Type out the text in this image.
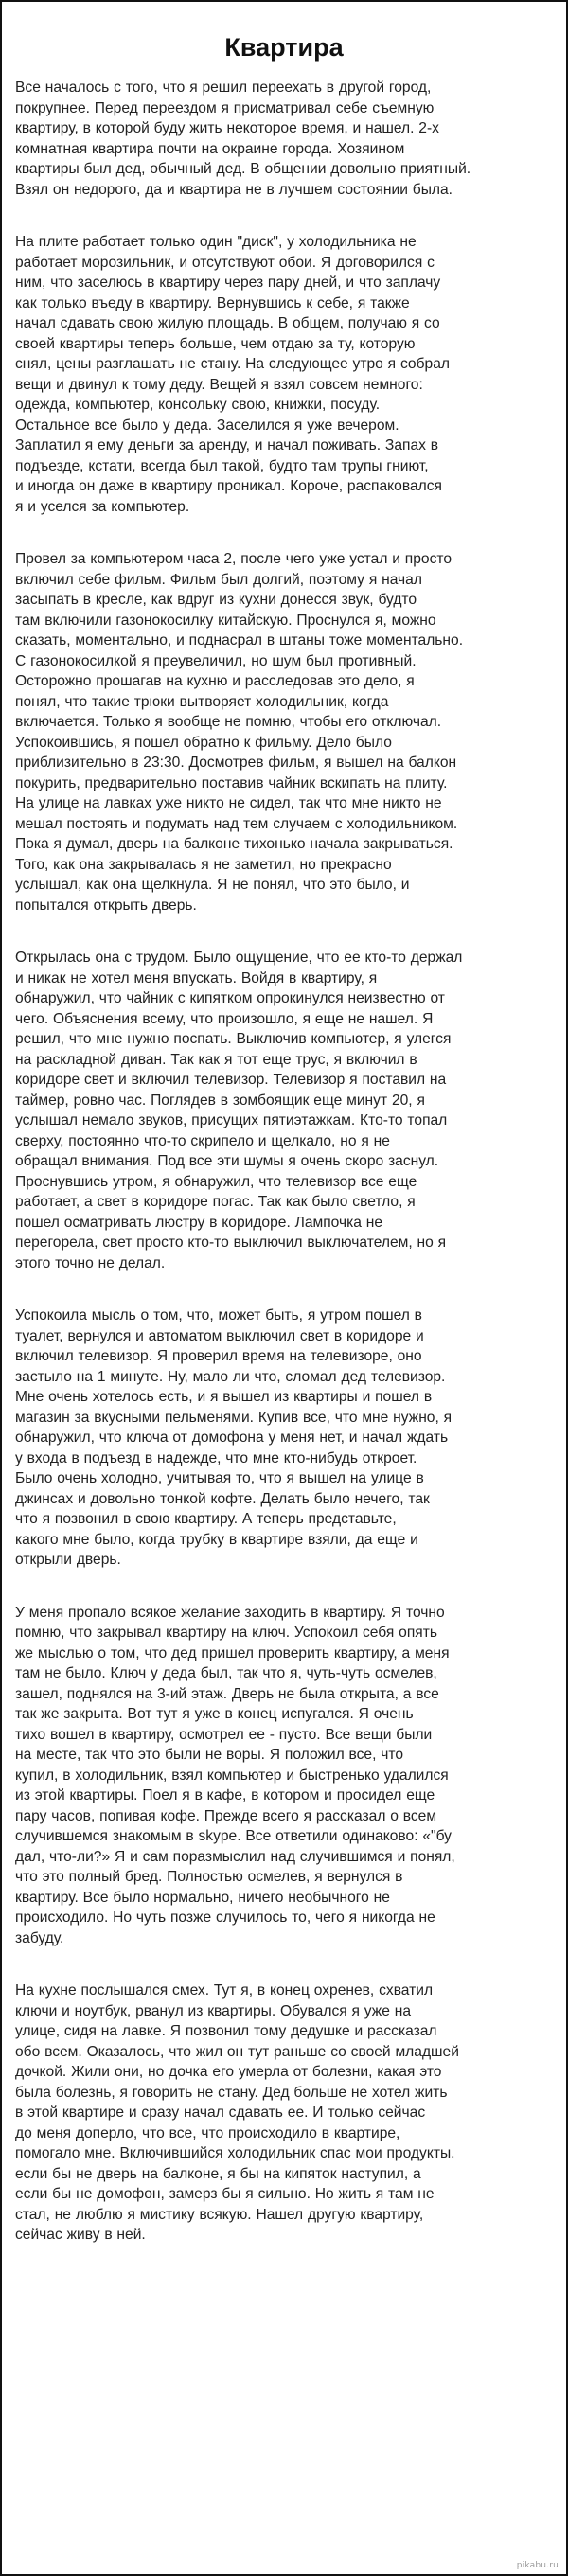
Квартира

Все началось с того, что я решил переехать в другой город,
покрупнее. Перед переездом я присматривал себе съемную
квартиру, в которой буду жить некоторое время, и нашел. 2-х
комнатная квартира почти на окраине города. Хозяином
квартиры был дед, обычный дед. В общении довольно приятный.
Взял он недорого, да и квартира не в лучшем состоянии была.

На плите работает только один "диск", у холодильника не
работает морозильник, и отсутствуют обои. Я договорился с
ним, что заселюсь в квартиру через пару дней, и что заплачу
как только въеду в квартиру. Вернувшись к себе, я также
начал сдавать свою жилую площадь. В общем, получаю я со
своей квартиры теперь больше, чем отдаю за ту, которую
снял, цены разглашать не стану. На следующее утро я собрал
вещи и двинул к тому деду. Вещей я взял совсем немного:
одежда, компьютер, консольку свою, книжки, посуду.
Остальное все было у деда. Заселился я уже вечером.
Заплатил я ему деньги за аренду, и начал поживать. Запах в
подъезде, кстати, всегда был такой, будто там трупы гниют,
и иногда он даже в квартиру проникал. Короче, распаковался
я и уселся за компьютер.

Провел за компьютером часа 2, после чего уже устал и просто
включил себе фильм. Фильм был долгий, поэтому я начал
засыпать в кресле, как вдруг из кухни донесся звук, будто
там включили газонокосилку китайскую. Проснулся я, можно
сказать, моментально, и поднасрал в штаны тоже моментально.
С газонокосилкой я преувеличил, но шум был противный.
Осторожно прошагав на кухню и расследовав это дело, я
понял, что такие трюки вытворяет холодильник, когда
включается. Только я вообще не помню, чтобы его отключал.
Успокоившись, я пошел обратно к фильму. Дело было
приблизительно в 23:30. Досмотрев фильм, я вышел на балкон
покурить, предварительно поставив чайник вскипать на плиту.
На улице на лавках уже никто не сидел, так что мне никто не
мешал постоять и подумать над тем случаем с холодильником.
Пока я думал, дверь на балконе тихонько начала закрываться.
Того, как она закрывалась я не заметил, но прекрасно
услышал, как она щелкнула. Я не понял, что это было, и
попытался открыть дверь.

Открылась она с трудом. Было ощущение, что ее кто-то держал
и никак не хотел меня впускать. Войдя в квартиру, я
обнаружил, что чайник с кипятком опрокинулся неизвестно от
чего. Объяснения всему, что произошло, я еще не нашел. Я
решил, что мне нужно поспать. Выключив компьютер, я улегся
на раскладной диван. Так как я тот еще трус, я включил в
коридоре свет и включил телевизор. Телевизор я поставил на
таймер, ровно час. Поглядев в зомбоящик еще минут 20, я
услышал немало звуков, присущих пятиэтажкам. Кто-то топал
сверху, постоянно что-то скрипело и щелкало, но я не
обращал внимания. Под все эти шумы я очень скоро заснул.
Проснувшись утром, я обнаружил, что телевизор все еще
работает, а свет в коридоре погас. Так как было светло, я
пошел осматривать люстру в коридоре. Лампочка не
перегорела, свет просто кто-то выключил выключателем, но я
этого точно не делал.

Успокоила мысль о том, что, может быть, я утром пошел в
туалет, вернулся и автоматом выключил свет в коридоре и
включил телевизор. Я проверил время на телевизоре, оно
застыло на 1 минуте. Ну, мало ли что, сломал дед телевизор.
Мне очень хотелось есть, и я вышел из квартиры и пошел в
магазин за вкусными пельменями. Купив все, что мне нужно, я
обнаружил, что ключа от домофона у меня нет, и начал ждать
у входа в подъезд в надежде, что мне кто-нибудь откроет.
Было очень холодно, учитывая то, что я вышел на улице в
джинсах и довольно тонкой кофте. Делать было нечего, так
что я позвонил в свою квартиру. А теперь представьте,
какого мне было, когда трубку в квартире взяли, да еще и
открыли дверь.

У меня пропало всякое желание заходить в квартиру. Я точно
помню, что закрывал квартиру на ключ. Успокоил себя опять
же мыслью о том, что дед пришел проверить квартиру, а меня
там не было. Ключ у деда был, так что я, чуть-чуть осмелев,
зашел, поднялся на 3-ий этаж. Дверь не была открыта, а все
так же закрыта. Вот тут я уже в конец испугался. Я очень
тихо вошел в квартиру, осмотрел ее - пусто. Все вещи были
на месте, так что это были не воры. Я положил все, что
купил, в холодильник, взял компьютер и быстренько удалился
из этой квартиры. Поел я в кафе, в котором и просидел еще
пару часов, попивая кофе. Прежде всего я рассказал о всем
случившемся знакомым в skype. Все ответили одинаково: «"бу
дал, что-ли?» Я и сам поразмыслил над случившимся и понял,
что это полный бред. Полностью осмелев, я вернулся в
квартиру. Все было нормально, ничего необычного не
происходило. Но чуть позже случилось то, чего я никогда не
забуду.

На кухне послышался смех. Тут я, в конец охренев, схватил
ключи и ноутбук, рванул из квартиры. Обувался я уже на
улице, сидя на лавке. Я позвонил тому дедушке и рассказал
обо всем. Оказалось, что жил он тут раньше со своей младшей
дочкой. Жили они, но дочка его умерла от болезни, какая это
была болезнь, я говорить не стану. Дед больше не хотел жить
в этой квартире и сразу начал сдавать ее. И только сейчас
до меня доперло, что все, что происходило в квартире,
помогало мне. Включившийся холодильник спас мои продукты,
если бы не дверь на балконе, я бы на кипяток наступил, а
если бы не домофон, замерз бы я сильно. Но жить я там не
стал, не люблю я мистику всякую. Нашел другую квартиру,
сейчас живу в ней.

pikabu.ru
